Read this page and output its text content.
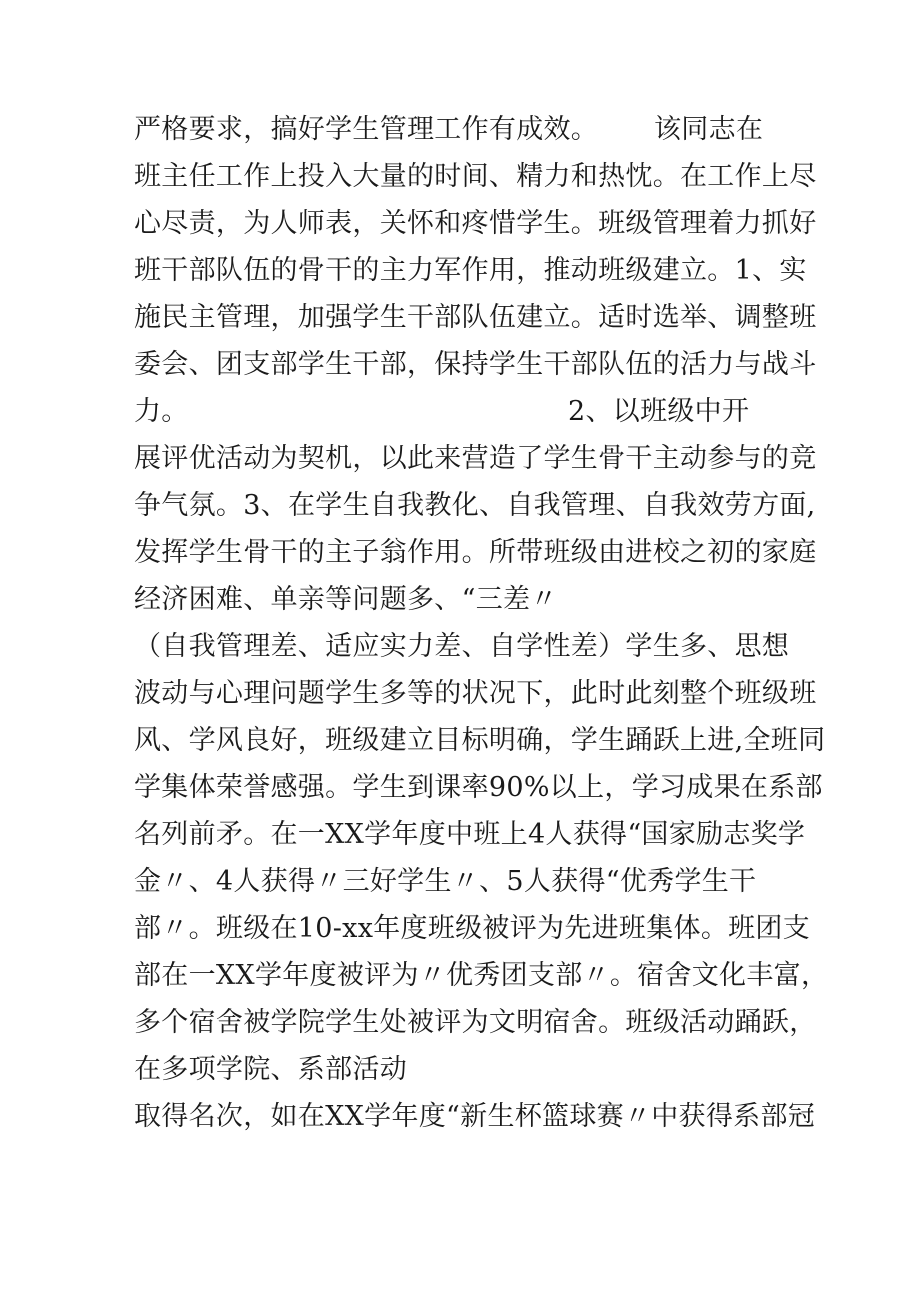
严格要求，搞好学生管理工作有成效。 该同志在
班主任工作上投入大量的时间、精力和热忱。在工作上尽
心尽责，为人师表，关怀和疼惜学生。班级管理着力抓好
班干部队伍的骨干的主力军作用，推动班级建立。1、实
施民主管理，加强学生干部队伍建立。适时选举、调整班
委会、团支部学生干部，保持学生干部队伍的活力与战斗
力。	2、以班级中开
展评优活动为契机，以此来营造了学生骨干主动参与的竞
争气氛。3、在学生自我教化、自我管理、自我效劳方面,
发挥学生骨干的主子翁作用。所带班级由进校之初的家庭
经济困难、单亲等问题多、“三差〃
（自我管理差、适应实力差、自学性差）学生多、思想
波动与心理问题学生多等的状况下，此时此刻整个班级班
风、学风良好，班级建立目标明确，学生踊跃上进,全班同
学集体荣誉感强。学生到课率90%以上，学习成果在系部
名列前矛。在一XX学年度中班上4人获得“国家励志奖学
金〃、4人获得〃三好学生〃、5人获得“优秀学生干
部〃。班级在10-xx年度班级被评为先进班集体。班团支
部在一XX学年度被评为〃优秀团支部〃。宿舍文化丰富，
多个宿舍被学院学生处被评为文明宿舍。班级活动踊跃，
在多项学院、系部活动
取得名次，如在XX学年度“新生杯篮球赛〃中获得系部冠
